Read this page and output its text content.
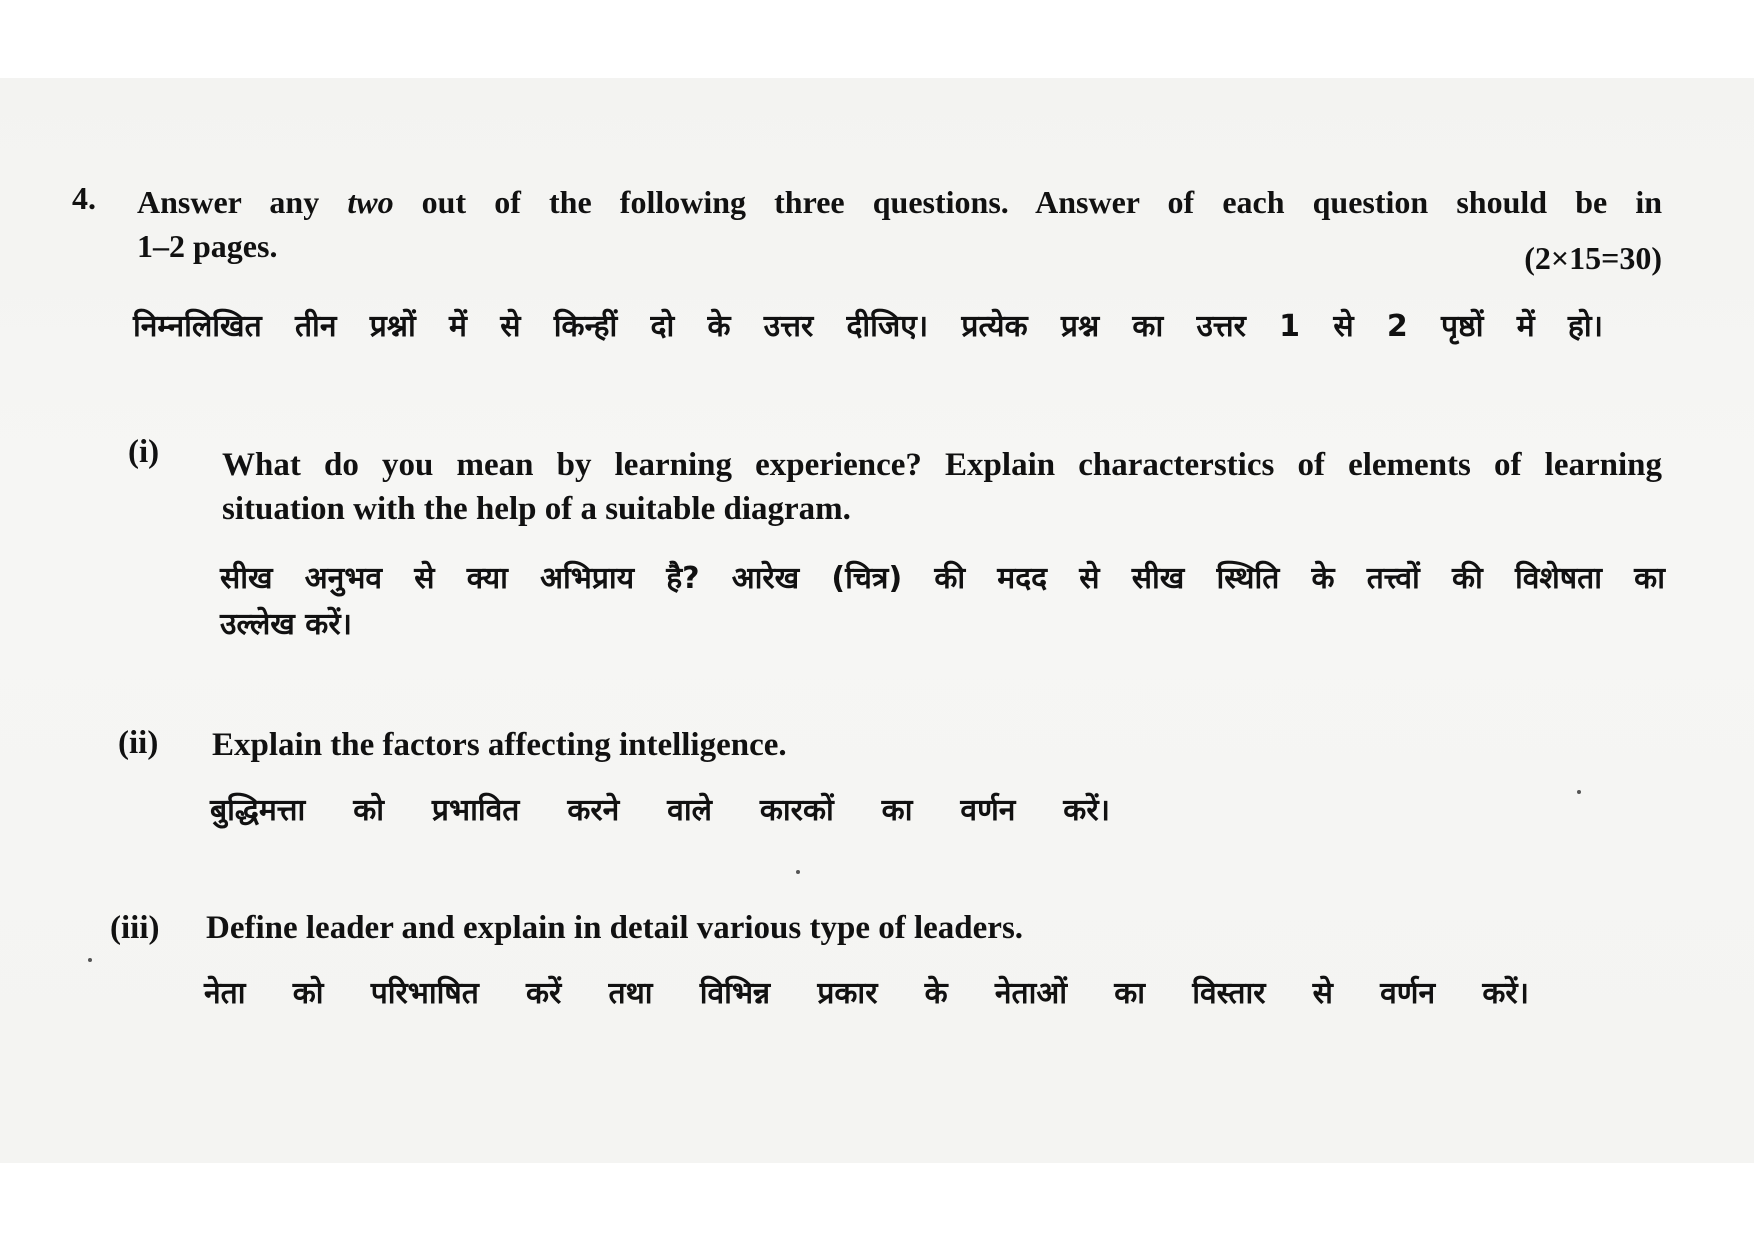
4. Answer any two out of the following three questions. Answer of each question should be in
1–2 pages.	(2×15=30)
निम्नलिखित तीन प्रश्नों में से किन्हीं दो के उत्तर दीजिए। प्रत्येक प्रश्न का उत्तर 1 से 2 पृष्ठों में हो।
(i) What do you mean by learning experience? Explain characterstics of elements of learning
situation with the help of a suitable diagram.
सीख अनुभव से क्या अभिप्राय है? आरेख (चित्र) की मदद से सीख स्थिति के तत्त्वों की विशेषता का
उल्लेख करें।
(ii) Explain the factors affecting intelligence.
बुद्धिमत्ता को प्रभावित करने वाले कारकों का वर्णन करें।
(iii) Define leader and explain in detail various type of leaders.
नेता को परिभाषित करें तथा विभिन्न प्रकार के नेताओं का विस्तार से वर्णन करें।
